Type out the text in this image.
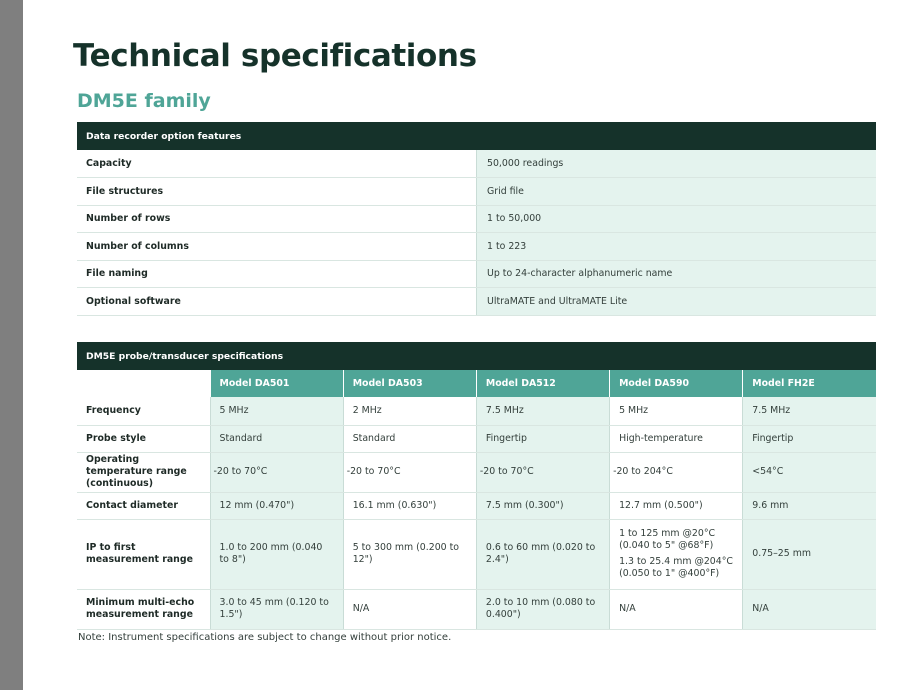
Technical specifications
DM5E family
Data recorder option features	
Capacity	50,000 readings
File structures	Grid file
Number of rows	1 to 50,000
Number of columns	1 to 223
File naming	Up to 24-character alphanumeric name
Optional software	UltraMATE and UltraMATE Lite
DM5E probe/transducer specifications					
	Model DA501	Model DA503	Model DA512	Model DA590	Model FH2E
Frequency	5 MHz	2 MHz	7.5 MHz	5 MHz	7.5 MHz
Probe style	Standard	Standard	Fingertip	High-temperature	Fingertip
Operating temperature range (continuous)	-20 to 70°C	-20 to 70°C	-20 to 70°C	-20 to 204°C	<54°C
Contact diameter	12 mm (0.470")	16.1 mm (0.630")	7.5 mm (0.300")	12.7 mm (0.500")	9.6 mm
IP to first measurement range	1.0 to 200 mm (0.040 to 8")	5 to 300 mm (0.200 to 12")	0.6 to 60 mm (0.020 to 2.4")	1 to 125 mm @20°C (0.040 to 5" @68°F)
1.3 to 25.4 mm @204°C (0.050 to 1" @400°F)	0.75–25 mm
Minimum multi-echo measurement range	3.0 to 45 mm (0.120 to 1.5")	N/A	2.0 to 10 mm (0.080 to 0.400")	N/A	N/A

Note: Instrument specifications are subject to change without prior notice.
